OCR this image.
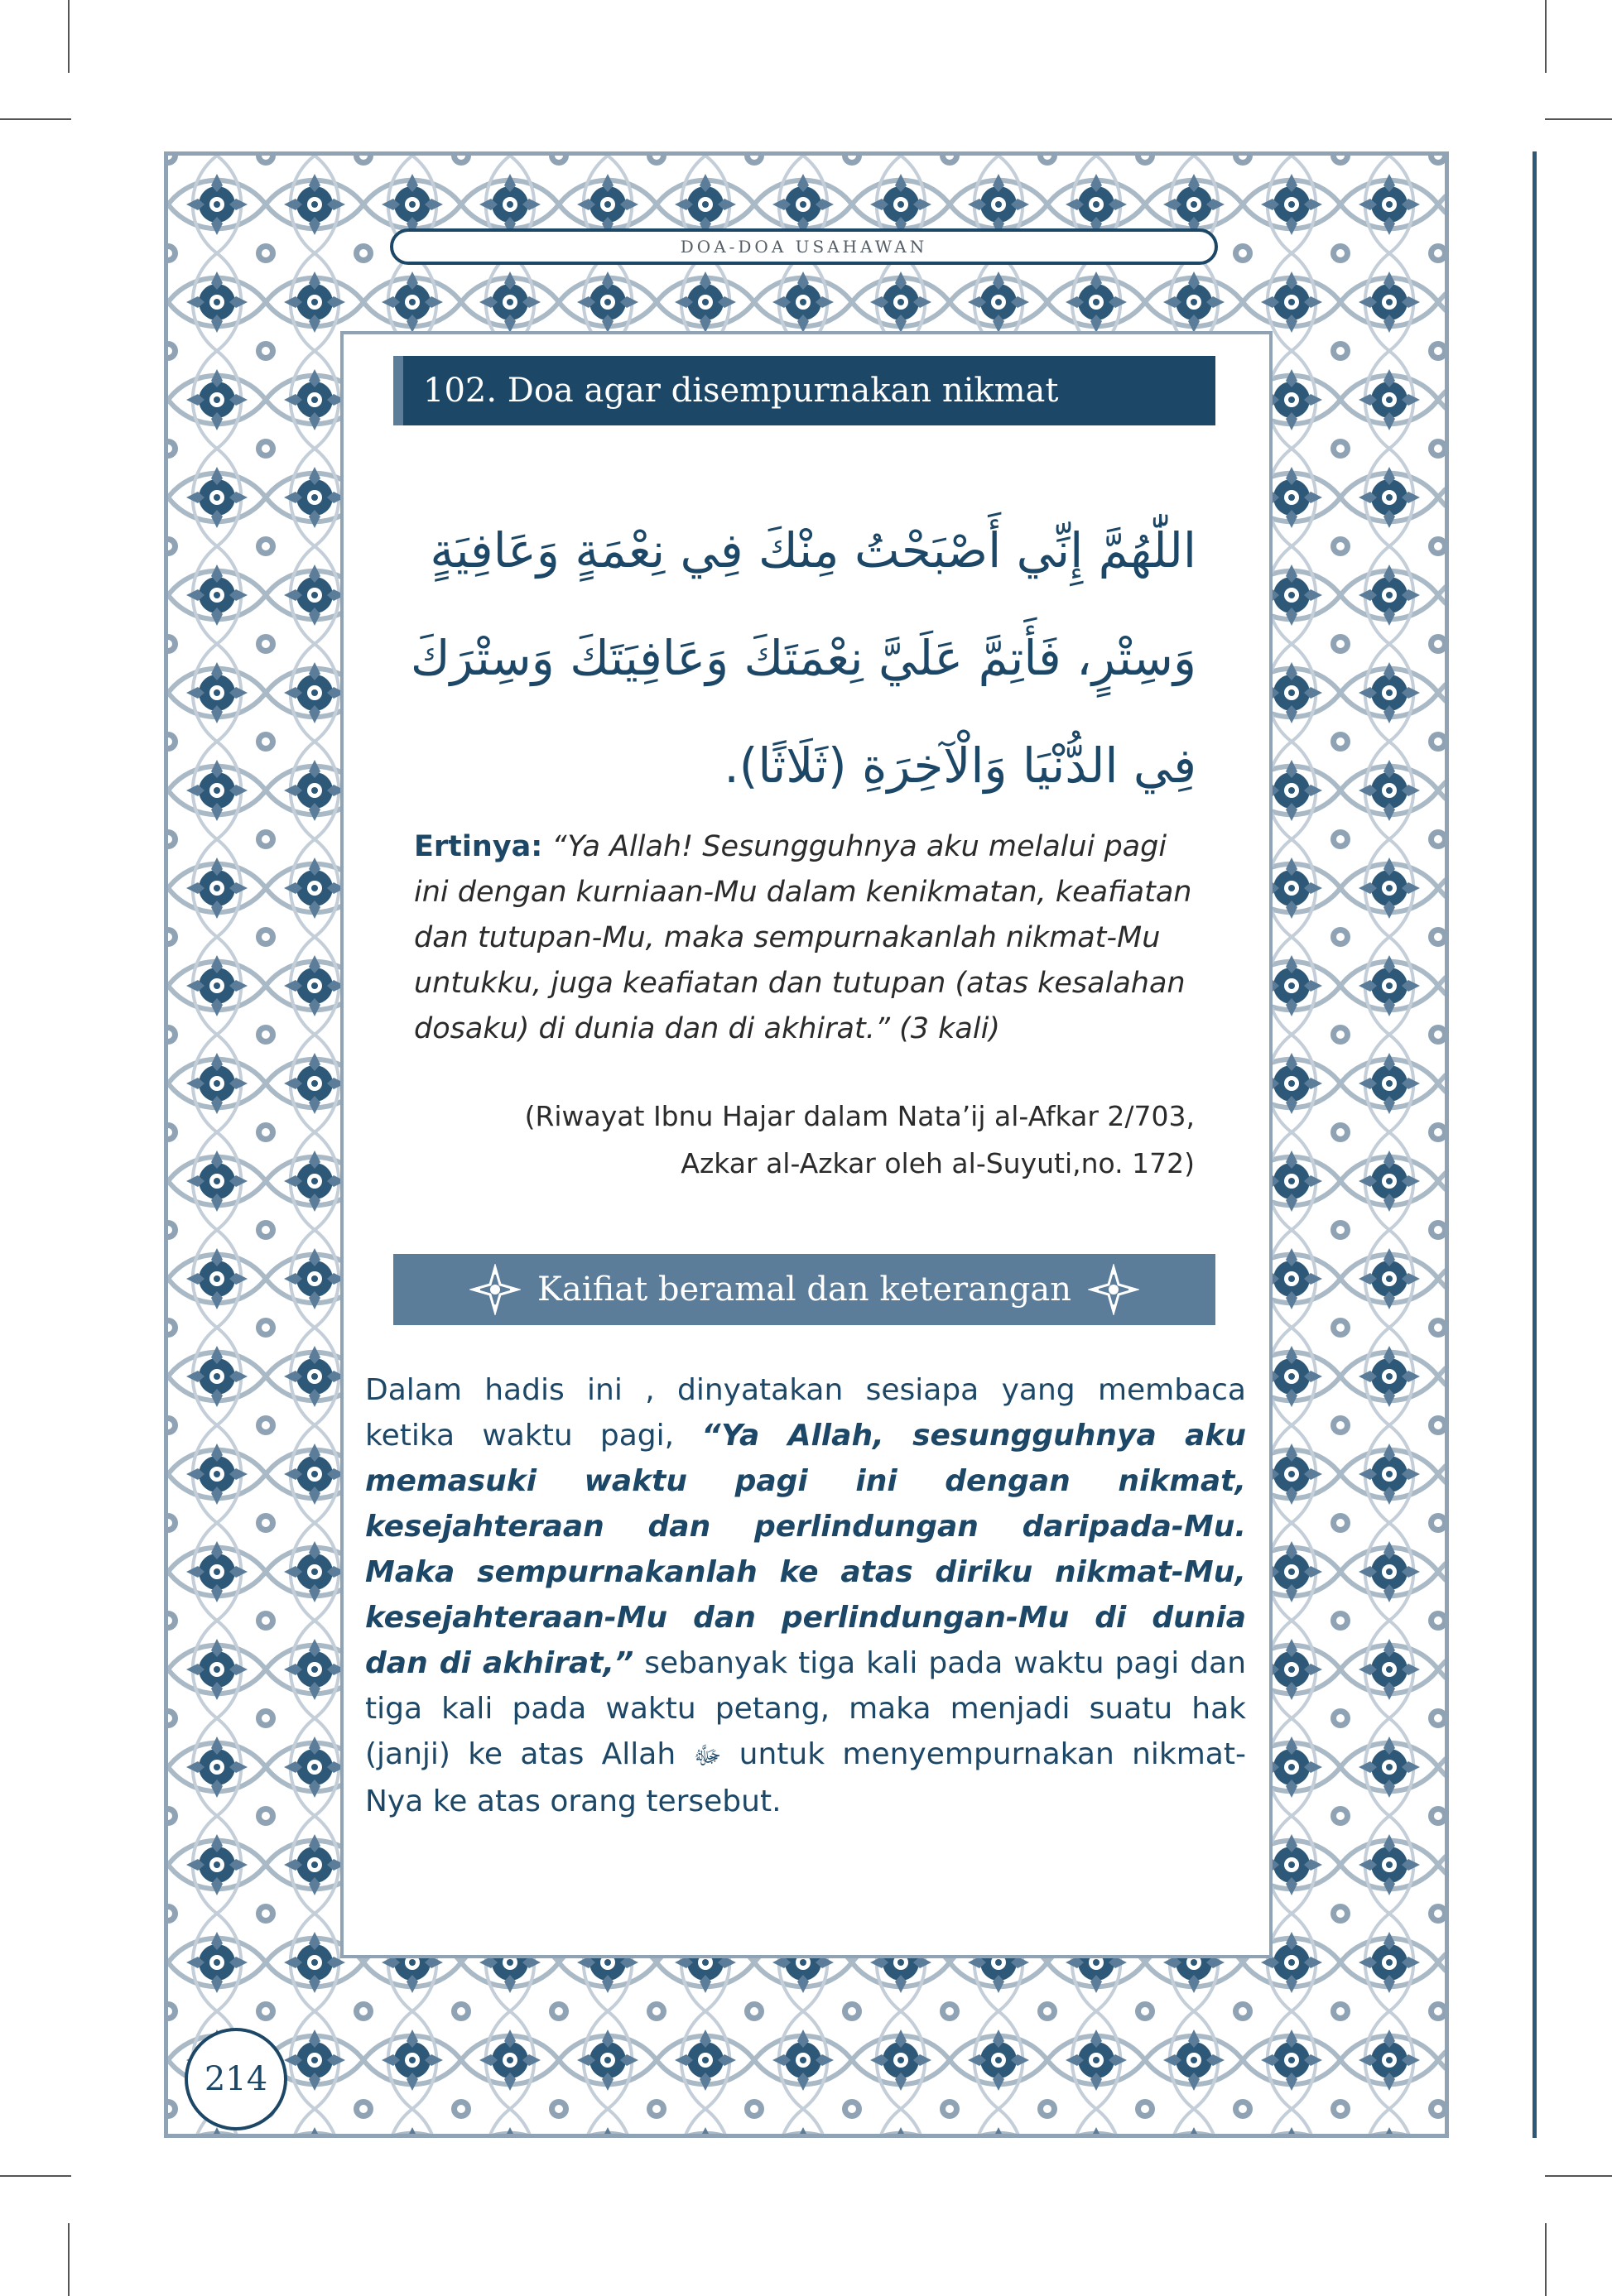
DOA-DOA USAHAWAN
102. Doa agar disempurnakan nikmat

اللّٰهُمَّ إِنِّي أَصْبَحْتُ مِنْكَ فِي نِعْمَةٍ وَعَافِيَةٍ
وَسِتْرٍ، فَأَتِمَّ عَلَيَّ نِعْمَتَكَ وَعَافِيَتَكَ وَسِتْرَكَ
فِي الدُّنْيَا وَالْآخِرَةِ (ثَلَاثًا).

Ertinya: “Ya Allah! Sesungguhnya aku melalui pagi ini dengan kurniaan-Mu dalam kenikmatan, keafiatan dan tutupan-Mu, maka sempurnakanlah nikmat-Mu untukku, juga keafiatan dan tutupan (atas kesalahan dosaku) di dunia dan di akhirat.” (3 kali)

(Riwayat Ibnu Hajar dalam Nata’ij al-Afkar 2/703,
Azkar al-Azkar oleh al-Suyuti,no. 172)

Kaifiat beramal dan keterangan

Dalam hadis ini , dinyatakan sesiapa yang membaca ketika waktu pagi, “Ya Allah, sesungguhnya aku memasuki waktu pagi ini dengan nikmat, kesejahteraan dan perlindungan daripada-Mu. Maka sempurnakanlah ke atas diriku nikmat-Mu, kesejahteraan-Mu dan perlindungan-Mu di dunia dan di akhirat,” sebanyak tiga kali pada waktu pagi dan tiga kali pada waktu petang, maka menjadi suatu hak (janji) ke atas Allah ﷻ untuk menyempurnakan nikmat-Nya ke atas orang tersebut.

214
